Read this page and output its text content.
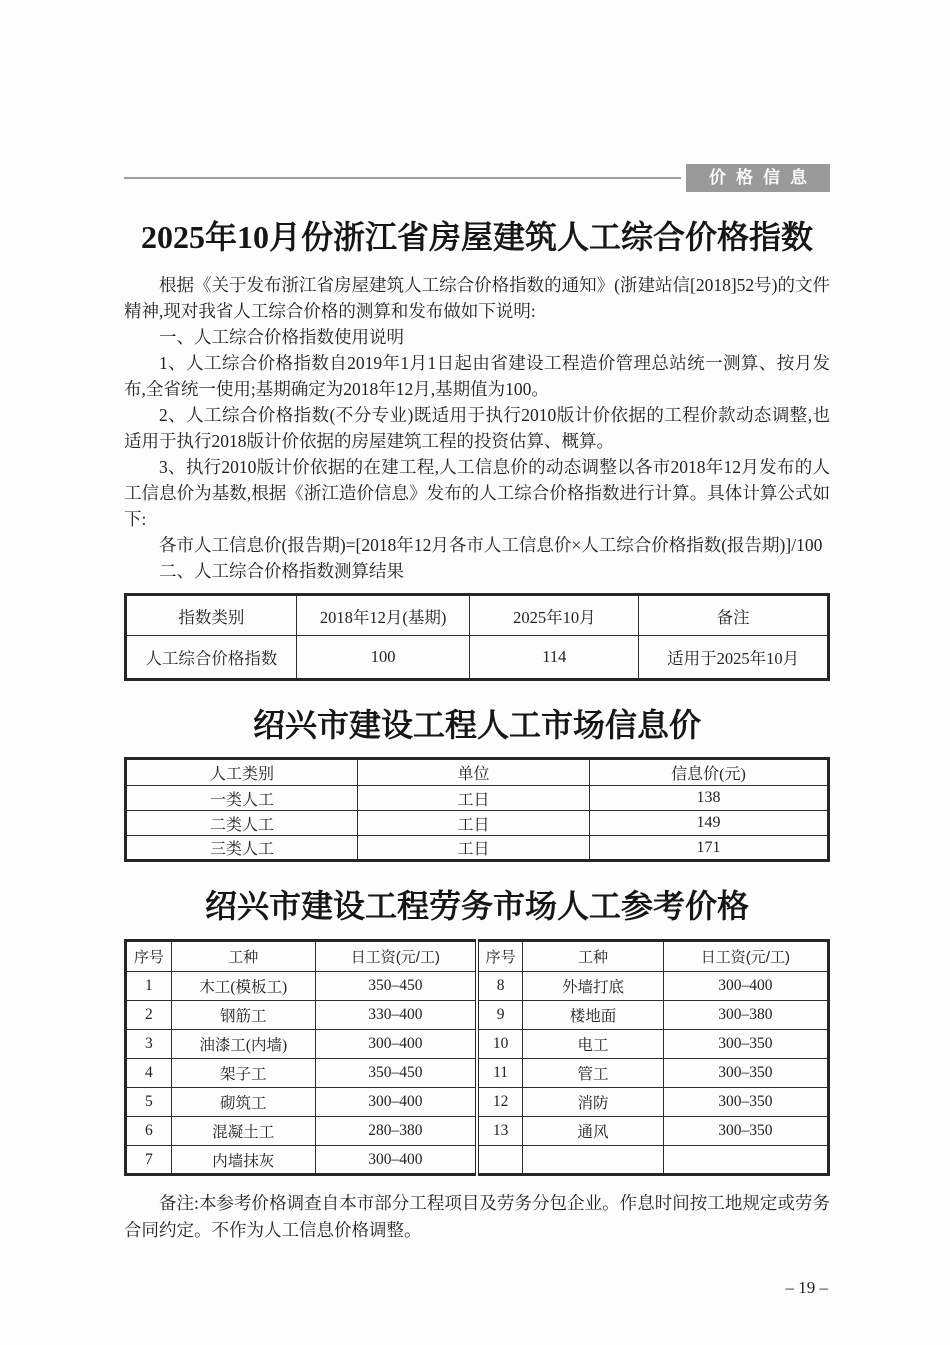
价格信息
2025年10月份浙江省房屋建筑人工综合价格指数

根据《关于发布浙江省房屋建筑人工综合价格指数的通知》(浙建站信[2018]52号)的文件精神,现对我省人工综合价格的测算和发布做如下说明:

一、人工综合价格指数使用说明

1、人工综合价格指数自2019年1月1日起由省建设工程造价管理总站统一测算、按月发布,全省统一使用;基期确定为2018年12月,基期值为100。

2、人工综合价格指数(不分专业)既适用于执行2010版计价依据的工程价款动态调整,也适用于执行2018版计价依据的房屋建筑工程的投资估算、概算。

3、执行2010版计价依据的在建工程,人工信息价的动态调整以各市2018年12月发布的人工信息价为基数,根据《浙江造价信息》发布的人工综合价格指数进行计算。具体计算公式如下:

各市人工信息价(报告期)=[2018年12月各市人工信息价×人工综合价格指数(报告期)]/100

二、人工综合价格指数测算结果

指数类别	2018年12月(基期)	2025年10月	备注
人工综合价格指数	100	114	适用于2025年10月
绍兴市建设工程人工市场信息价
人工类别	单位	信息价(元)
一类人工	工日	138
二类人工	工日	149
三类人工	工日	171
绍兴市建设工程劳务市场人工参考价格
序号	工种	日工资(元/工)	序号	工种	日工资(元/工)
1	木工(模板工)	350–450	8	外墙打底	300–400
2	钢筋工	330–400	9	楼地面	300–380
3	油漆工(内墙)	300–400	10	电工	300–350
4	架子工	350–450	11	管工	300–350
5	砌筑工	300–400	12	消防	300–350
6	混凝土工	280–380	13	通风	300–350
7	内墙抹灰	300–400			

备注:本参考价格调查自本市部分工程项目及劳务分包企业。作息时间按工地规定或劳务合同约定。不作为人工信息价格调整。

– 19 –
